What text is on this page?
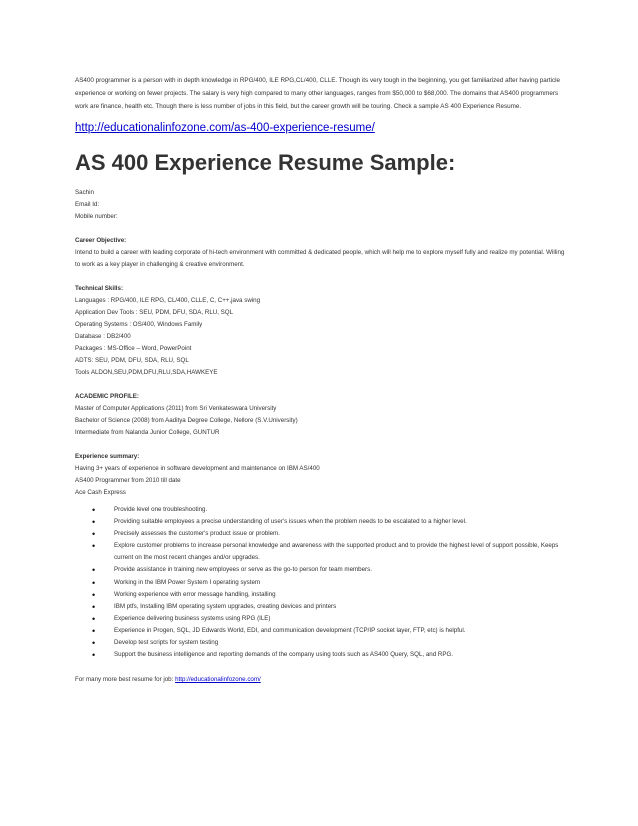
AS400 programmer is a person with in depth knowledge in RPG/400, ILE RPG,CL/400, CLLE. Though its very tough in the beginning, you get familiarized after having particle experience or working on fewer projects. The salary is very high compared to many other languages, ranges from $50,000 to $68,000. The domains that AS400 programmers work are finance, health etc. Though there is less number of jobs in this field, but the career growth will be touring. Check a sample AS 400 Experience Resume.

http://educationalinfozone.com/as-400-experience-resume/
AS 400 Experience Resume Sample:
Sachin
Email Id:
Mobile number:
Career Objective:
Intend to build a career with leading corporate of hi-tech environment with committed & dedicated people, which will help me to explore myself fully and realize my potential. Willing to work as a key player in challenging & creative environment.
Technical Skills:
Languages : RPG/400, ILE RPG, CL/400, CLLE, C, C++,java swing
Application Dev Tools : SEU, PDM, DFU, SDA, RLU, SQL
Operating Systems : OS/400, Windows Family
Database : DB2/400
Packages : MS-Office – Word, PowerPoint
ADTS: SEU, PDM, DFU, SDA, RLU, SQL
Tools ALDON,SEU,PDM,DFU,RLU,SDA,HAWKEYE
ACADEMIC PROFILE:
Master of Computer Applications (2011) from Sri Venkateswara University
Bachelor of Science (2008) from Aaditya Degree College, Nellore (S.V.University)
Intermediate from Nalanda Junior College, GUNTUR
Experience summary:
Having 3+ years of experience in software development and maintenance on IBM AS/400
AS400 Programmer from 2010 till date
Ace Cash Express
• Provide level one troubleshooting.
• Providing suitable employees a precise understanding of user's issues when the problem needs to be escalated to a higher level.
• Precisely assesses the customer's product issue or problem.
• Explore customer problems to increase personal knowledge and awareness with the supported product and to provide the highest level of support possible, Keeps current on the most recent changes and/or upgrades.
• Provide assistance in training new employees or serve as the go-to person for team members.
• Working in the IBM Power System I operating system
• Working experience with error message handling, installing
• IBM ptfs, Installing IBM operating system upgrades, creating devices and printers
• Experience delivering business systems using RPG (ILE)
• Experience in Progen, SQL, JD Edwards World, EDI, and communication development (TCP/IP socket layer, FTP, etc) is helpful.
• Develop test scripts for system testing
• Support the business intelligence and reporting demands of the company using tools such as AS400 Query, SQL, and RPG.
For many more best resume for job: http://educationalinfozone.com/
